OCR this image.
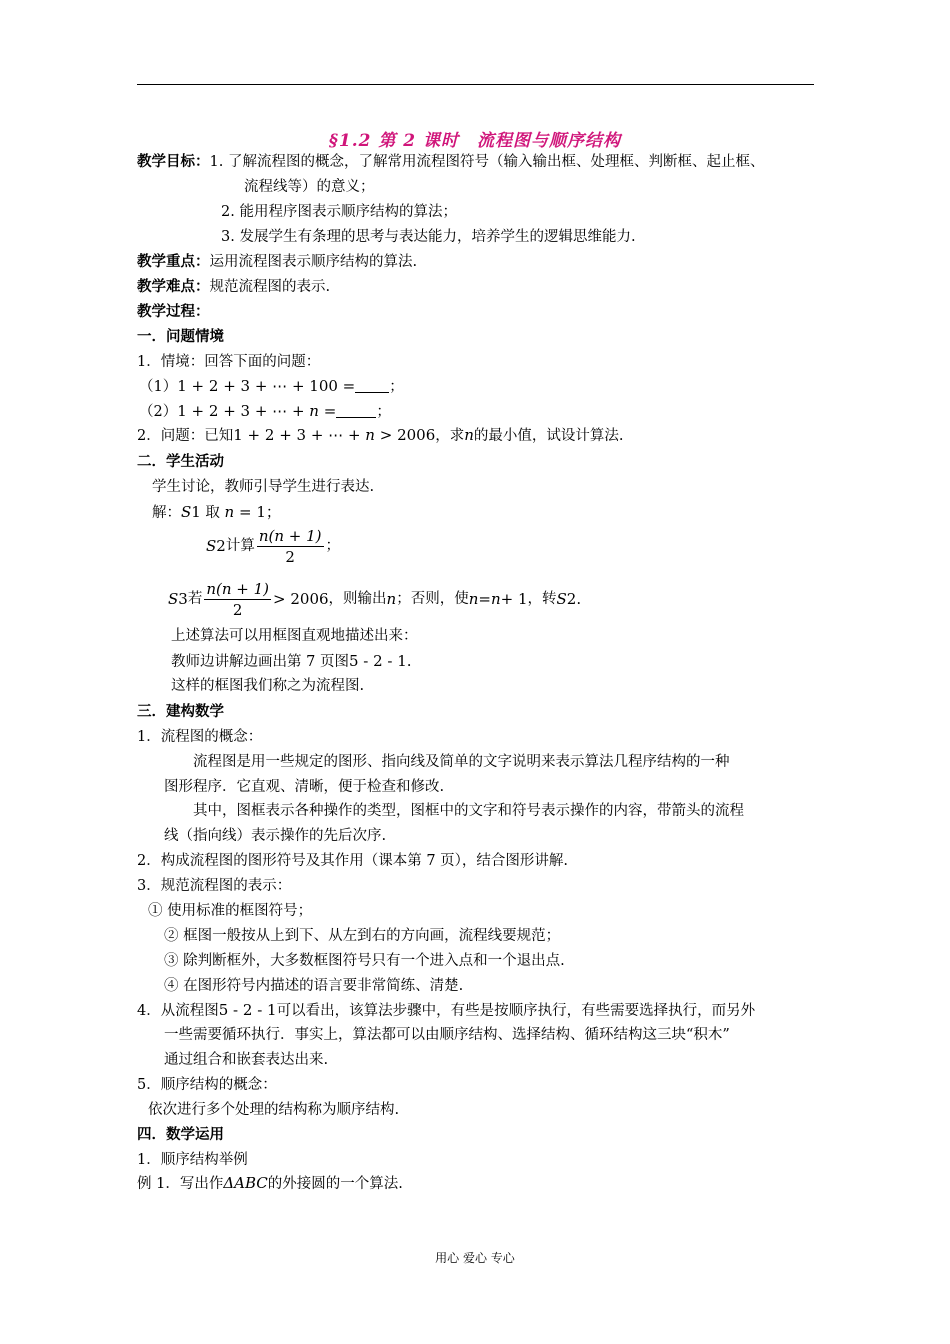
§1.2 第 2 课时　流程图与顺序结构
教学目标：1. 了解流程图的概念，了解常用流程图符号（输入输出框、处理框、判断框、起止框、
流程线等）的意义；
2. 能用程序图表示顺序结构的算法；
3. 发展学生有条理的思考与表达能力，培养学生的逻辑思维能力.
教学重点：运用流程图表示顺序结构的算法.
教学难点：规范流程图的表示.
教学过程：
一．问题情境
1．情境：回答下面的问题：
（1）1 + 2 + 3 + ⋯ + 100 = ；
（2）1 + 2 + 3 + ⋯ + n =	；
2．问题：已知1 + 2 + 3 + ⋯ + n > 2006，求n的最小值，试设计算法.
二．学生活动
学生讨论，教师引导学生进行表达.
解：S1 取 n = 1；
S 2 计算 $\frac{n(n + 1)}{2}$ ；
S 3 若 $\frac{n(n + 1)}{2} > 2006$ ，则输出 n ；否则，使 n = n + 1 ，转 S 2 .
上述算法可以用框图直观地描述出来：
教师边讲解边画出第 7 页图5 - 2 - 1.
这样的框图我们称之为流程图.
三．建构数学
1．流程图的概念：
流程图是用一些规定的图形、指向线及简单的文字说明来表示算法几程序结构的一种
图形程序．它直观、清晰，便于检查和修改.
其中，图框表示各种操作的类型，图框中的文字和符号表示操作的内容，带箭头的流程
线（指向线）表示操作的先后次序.
2．构成流程图的图形符号及其作用（课本第 7 页），结合图形讲解.
3．规范流程图的表示：
① 使用标准的框图符号；
② 框图一般按从上到下、从左到右的方向画，流程线要规范；
③ 除判断框外，大多数框图符号只有一个进入点和一个退出点.
④ 在图形符号内描述的语言要非常简练、清楚.
4．从流程图5 - 2 - 1可以看出，该算法步骤中，有些是按顺序执行，有些需要选择执行，而另外
一些需要循环执行．事实上，算法都可以由顺序结构、选择结构、循环结构这三块“积木”
通过组合和嵌套表达出来.
5．顺序结构的概念：
依次进行多个处理的结构称为顺序结构.
四．数学运用
1．顺序结构举例
例 1．写出作ΔABC的外接圆的一个算法.
用心 爱心 专心
